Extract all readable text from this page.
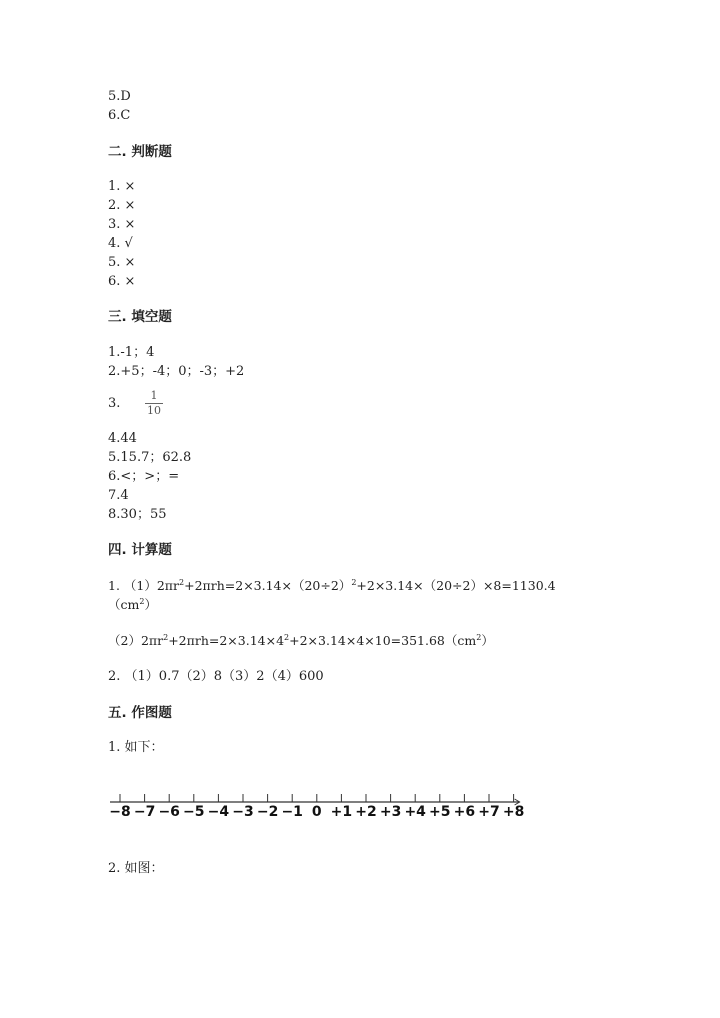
5.D
6.C
二. 判断题
1. ×
2. ×
3. ×
4. √
5. ×
6. ×
三. 填空题
1.-1；4
2.+5；-4；0；-3；+2
3.
1
10
4.44
5.15.7；62.8
6.<；>；=
7.4
8.30；55
四. 计算题
1. $(1)2\pi r^2+2\pi rh=2\times 3.14\times(20\div 2)^2+2\times 3.14\times(20\div 2)\times 8=1130.4$
$(cm^2)$
$(2)2\pi r^2+2\pi rh=2\times 3.14\times 4^2+2\times 3.14\times 4\times 10=351.68(cm^2)$
2. （1）0.7（2）8（3）2（4）600
五. 作图题
1. 如下：
−8 −7 −6 −5 −4 −3 −2 −1 0 +1 +2 +3 +4 +5 +6 +7 +8
2. 如图：
